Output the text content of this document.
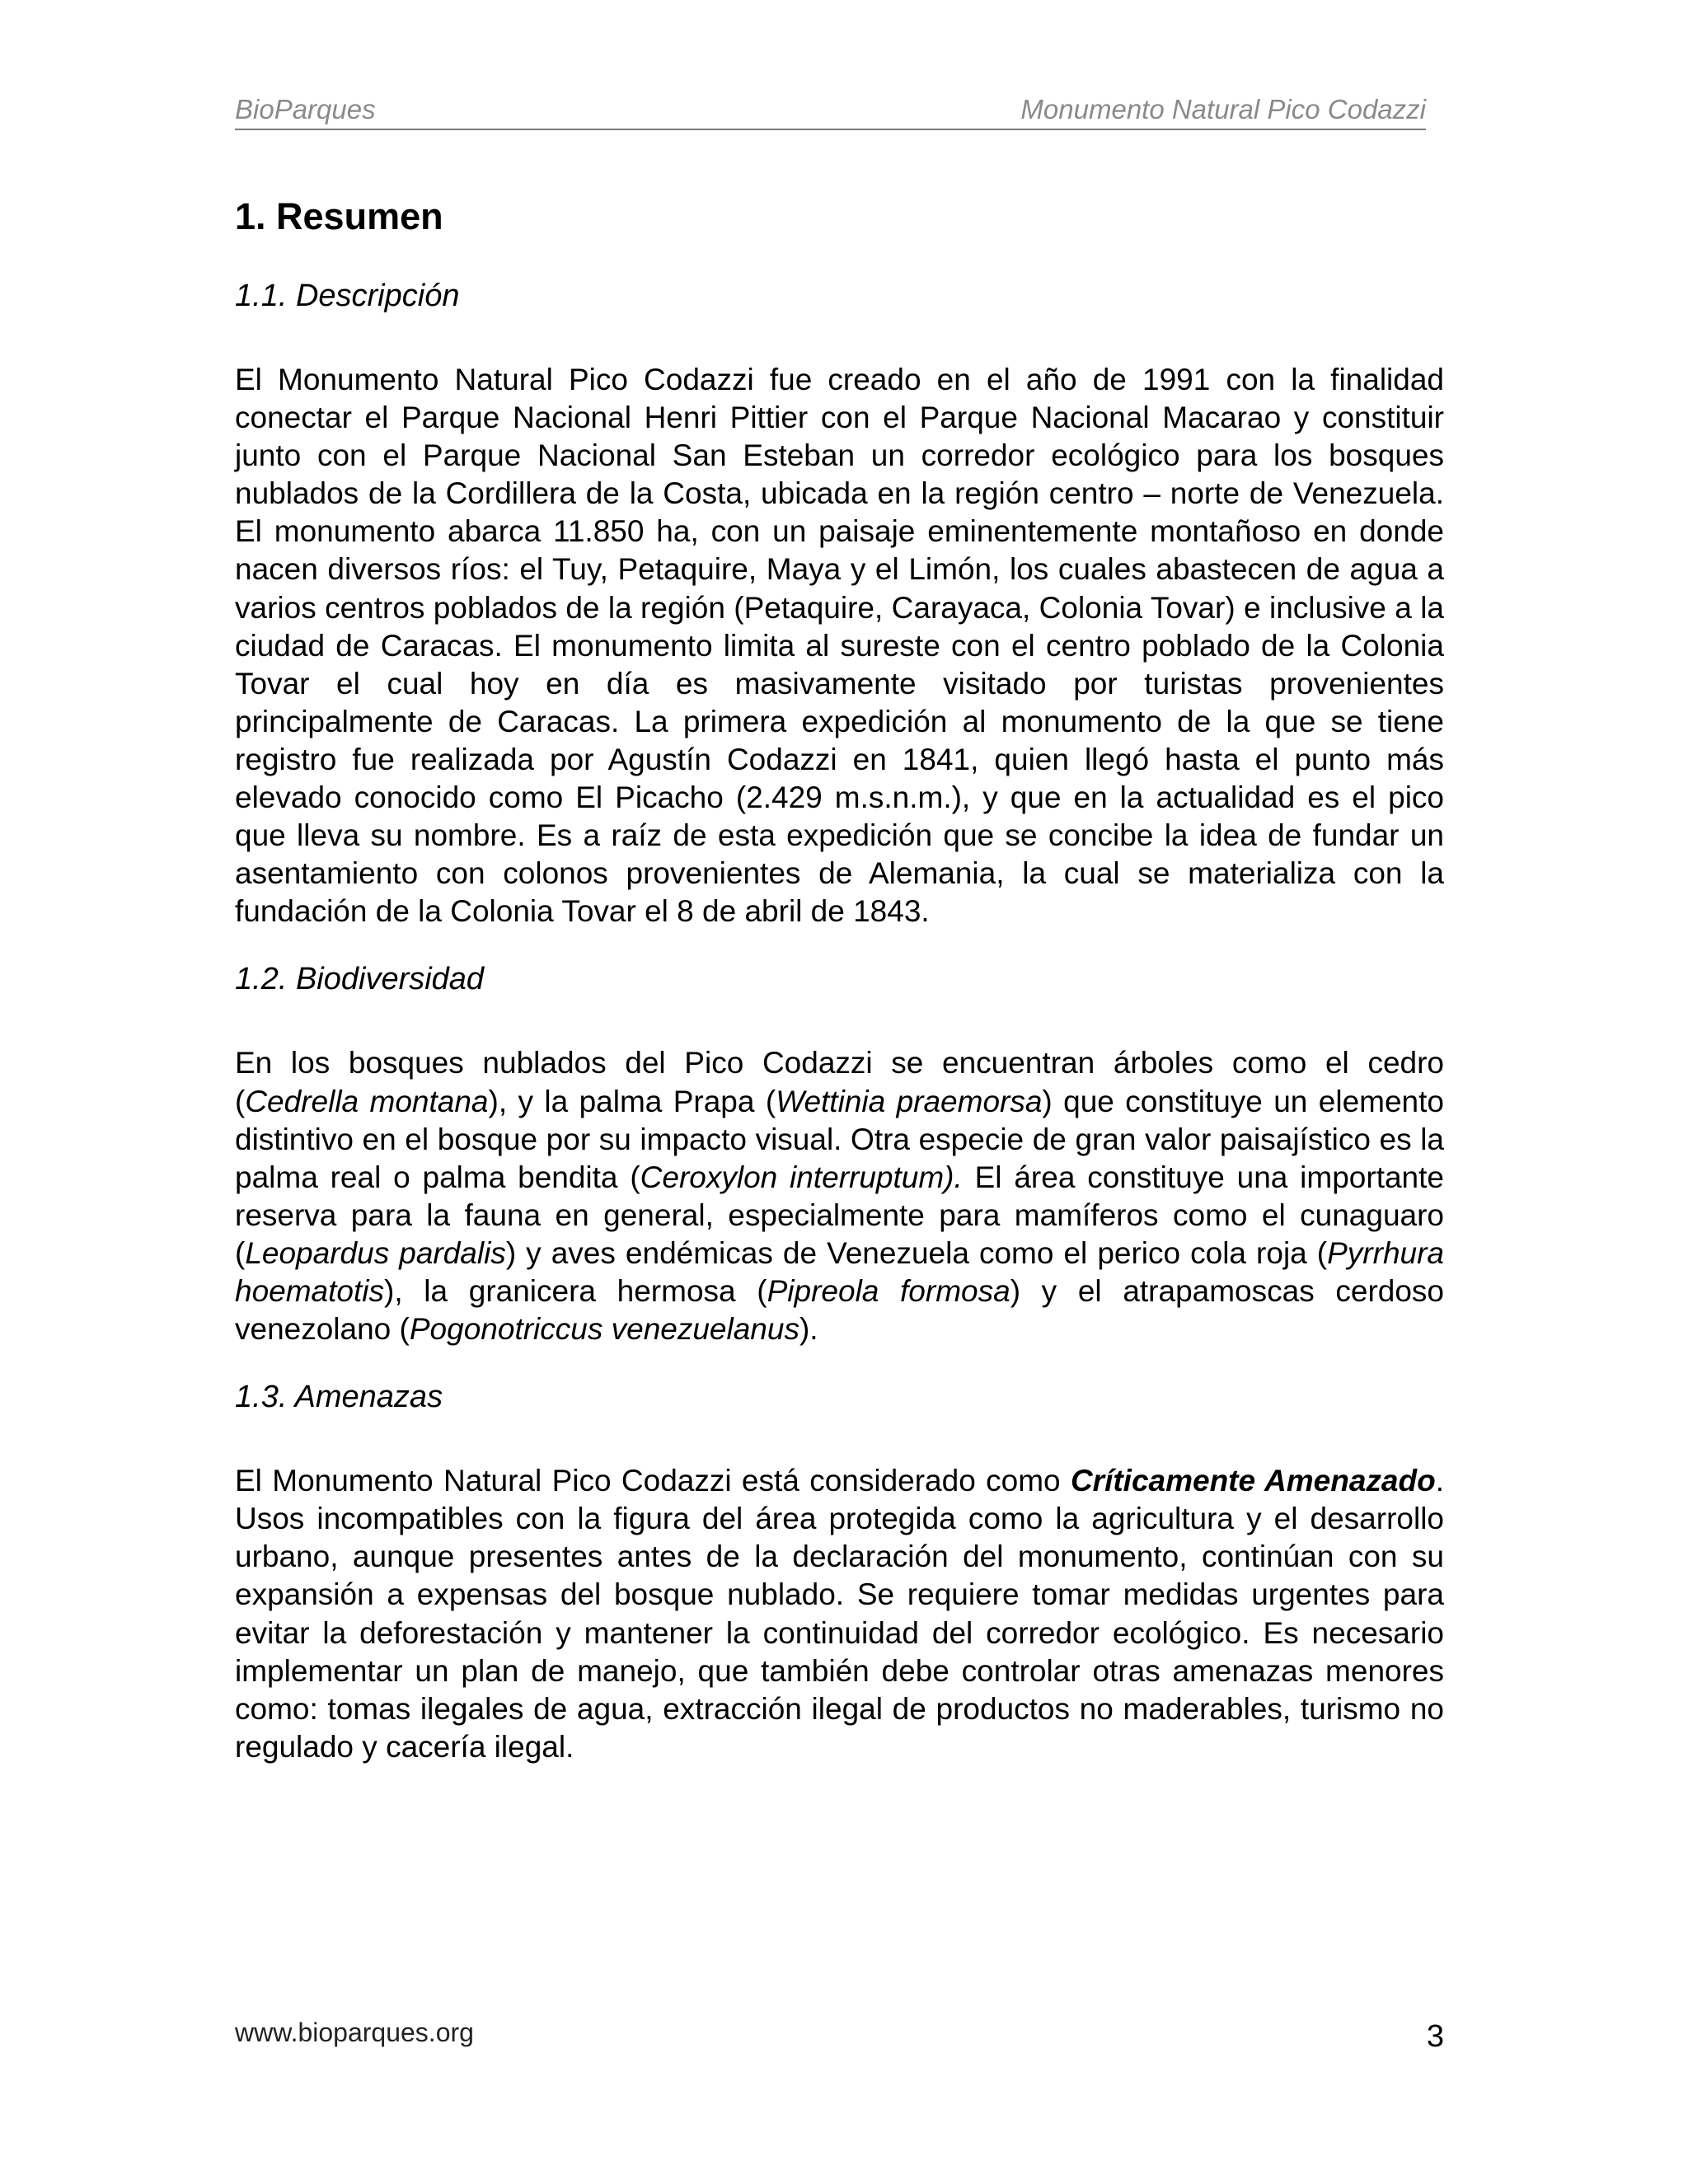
BioParques	Monumento Natural Pico Codazzi
1. Resumen
1.1. Descripción

El Monumento Natural Pico Codazzi fue creado en el año de 1991 con la finalidad conectar el Parque Nacional Henri Pittier con el Parque Nacional Macarao y constituir junto con el Parque Nacional San Esteban un corredor ecológico para los bosques nublados de la Cordillera de la Costa, ubicada en la región centro – norte de Venezuela. El monumento abarca 11.850 ha, con un paisaje eminentemente montañoso en donde nacen diversos ríos: el Tuy, Petaquire, Maya y el Limón, los cuales abastecen de agua a varios centros poblados de la región (Petaquire, Carayaca, Colonia Tovar) e inclusive a la ciudad de Caracas. El monumento limita al sureste con el centro poblado de la Colonia Tovar el cual hoy en día es masivamente visitado por turistas provenientes principalmente de Caracas. La primera expedición al monumento de la que se tiene registro fue realizada por Agustín Codazzi en 1841, quien llegó hasta el punto más elevado conocido como El Picacho (2.429 m.s.n.m.), y que en la actualidad es el pico que lleva su nombre. Es a raíz de esta expedición que se concibe la idea de fundar un asentamiento con colonos provenientes de Alemania, la cual se materializa con la fundación de la Colonia Tovar el 8 de abril de 1843.

1.2. Biodiversidad

En los bosques nublados del Pico Codazzi se encuentran árboles como el cedro (Cedrella montana), y la palma Prapa (Wettinia praemorsa) que constituye un elemento distintivo en el bosque por su impacto visual. Otra especie de gran valor paisajístico es la palma real o palma bendita (Ceroxylon interruptum). El área constituye una importante reserva para la fauna en general, especialmente para mamíferos como el cunaguaro (Leopardus pardalis) y aves endémicas de Venezuela como el perico cola roja (Pyrrhura hoematotis), la granicera hermosa (Pipreola formosa) y el atrapamoscas cerdoso venezolano (Pogonotriccus venezuelanus).

1.3. Amenazas

El Monumento Natural Pico Codazzi está considerado como Críticamente Amenazado. Usos incompatibles con la figura del área protegida como la agricultura y el desarrollo urbano, aunque presentes antes de la declaración del monumento, continúan con su expansión a expensas del bosque nublado. Se requiere tomar medidas urgentes para evitar la deforestación y mantener la continuidad del corredor ecológico. Es necesario implementar un plan de manejo, que también debe controlar otras amenazas menores como: tomas ilegales de agua, extracción ilegal de productos no maderables, turismo no regulado y cacería ilegal.

www.bioparques.org	3
